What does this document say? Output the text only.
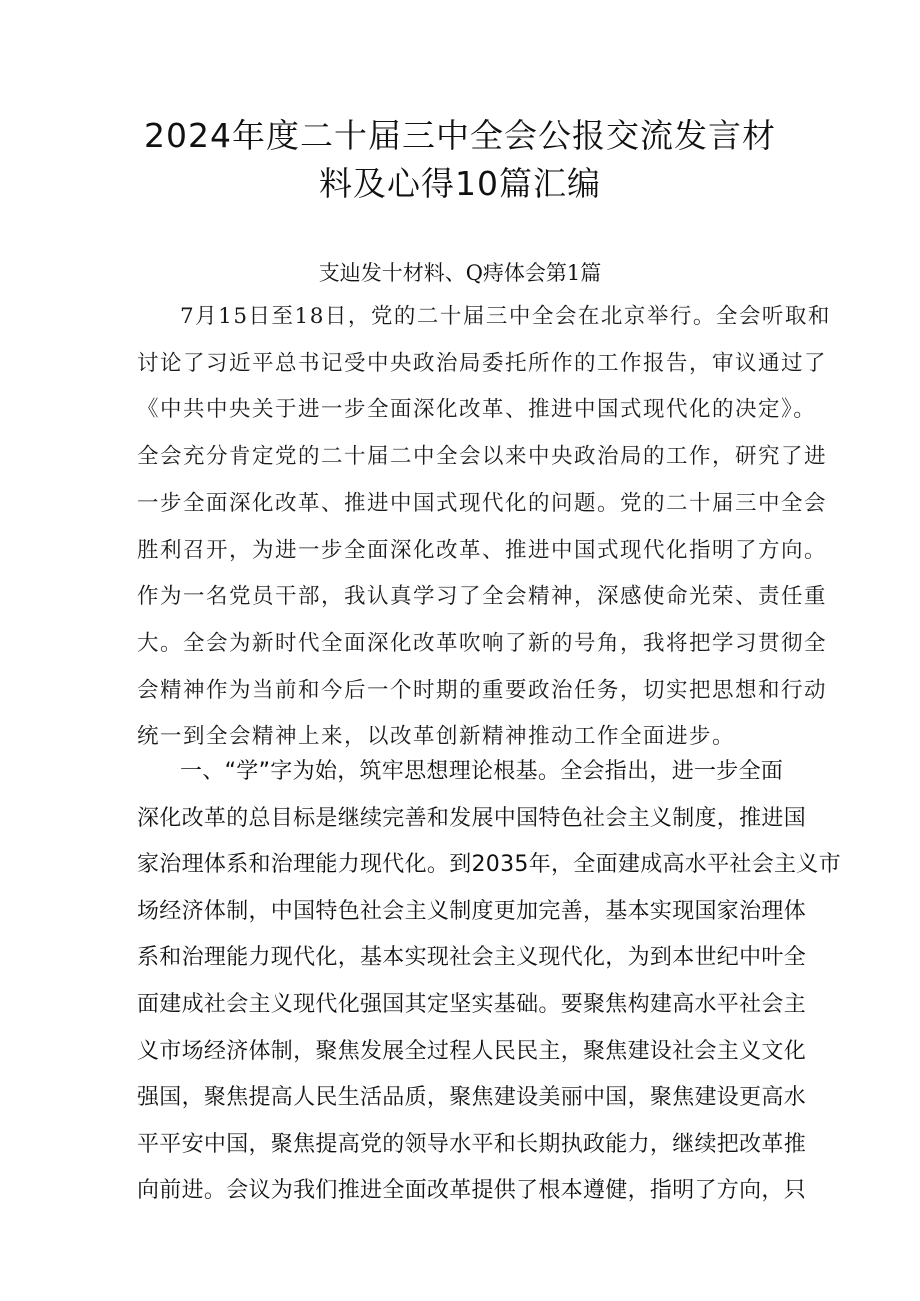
2024年度二十届三中全会公报交流发言材
料及心得10篇汇编
支辿发十材料、Q痔体会第1篇
7月15日至18日，党的二十届三中全会在北京举行。全会听取和
讨论了习近平总书记受中央政治局委托所作的工作报告，审议通过了
《中共中央关于进一步全面深化改革、推进中国式现代化的决定》。
全会充分肯定党的二十届二中全会以来中央政治局的工作，研究了进
一步全面深化改革、推进中国式现代化的问题。党的二十届三中全会
胜利召开，为进一步全面深化改革、推进中国式现代化指明了方向。
作为一名党员干部，我认真学习了全会精神，深感使命光荣、责任重
大。全会为新时代全面深化改革吹响了新的号角，我将把学习贯彻全
会精神作为当前和今后一个时期的重要政治任务，切实把思想和行动
统一到全会精神上来，以改革创新精神推动工作全面进步。
一、“学”字为始，筑牢思想理论根基。全会指出，进一步全面
深化改革的总目标是继续完善和发展中国特色社会主义制度，推进国
家治理体系和治理能力现代化。到2035年，全面建成高水平社会主义市
场经济体制，中国特色社会主义制度更加完善，基本实现国家治理体
系和治理能力现代化，基本实现社会主义现代化，为到本世纪中叶全
面建成社会主义现代化强国其定坚实基础。要聚焦构建高水平社会主
义市场经济体制，聚焦发展全过程人民民主，聚焦建设社会主义文化
强国，聚焦提高人民生活品质，聚焦建设美丽中国，聚焦建设更高水
平平安中国，聚焦提高党的领导水平和长期执政能力，继续把改革推
向前进。会议为我们推进全面改革提供了根本遵健，指明了方向，只
